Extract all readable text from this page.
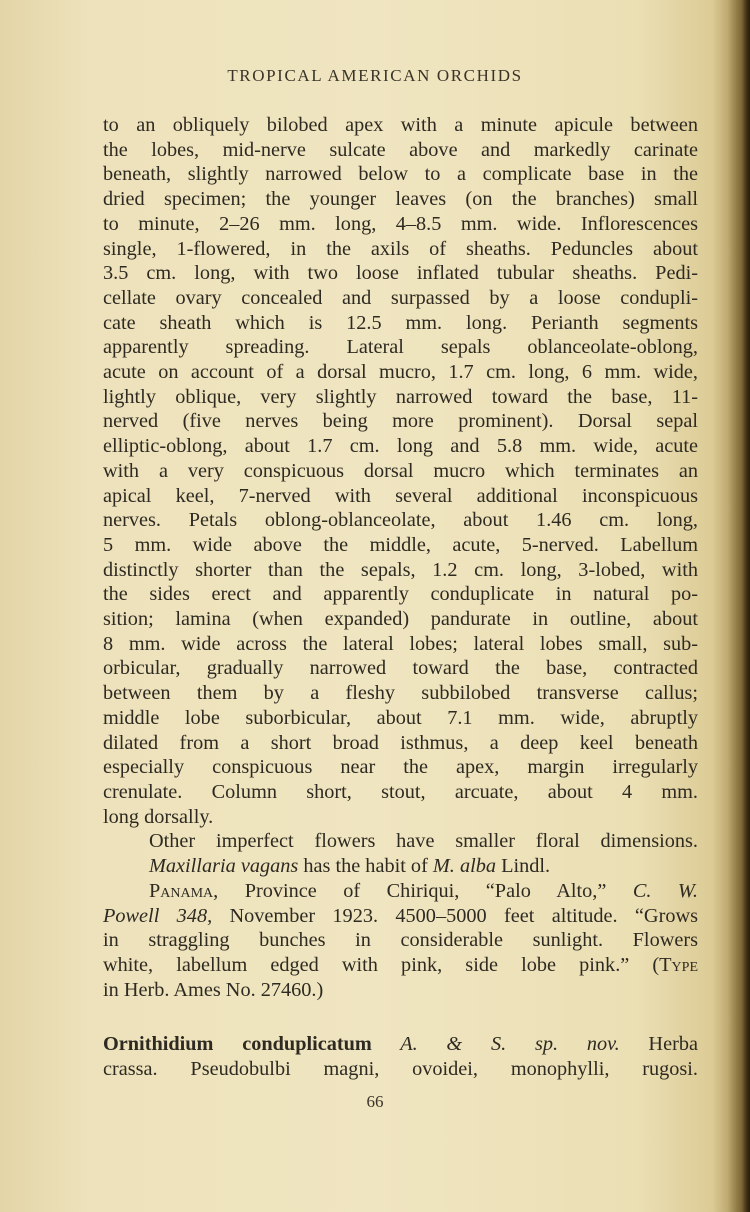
TROPICAL AMERICAN ORCHIDS
to an obliquely bilobed apex with a minute apicule between
the lobes, mid-nerve sulcate above and markedly carinate
beneath, slightly narrowed below to a complicate base in the
dried specimen; the younger leaves (on the branches) small
to minute, 2–26 mm. long, 4–8.5 mm. wide. Inflorescences
single, 1-flowered, in the axils of sheaths. Peduncles about
3.5 cm. long, with two loose inflated tubular sheaths. Pedi-
cellate ovary concealed and surpassed by a loose condupli-
cate sheath which is 12.5 mm. long. Perianth segments
apparently spreading. Lateral sepals oblanceolate-oblong,
acute on account of a dorsal mucro, 1.7 cm. long, 6 mm. wide,
lightly oblique, very slightly narrowed toward the base, 11-
nerved (five nerves being more prominent). Dorsal sepal
elliptic-oblong, about 1.7 cm. long and 5.8 mm. wide, acute
with a very conspicuous dorsal mucro which terminates an
apical keel, 7-nerved with several additional inconspicuous
nerves. Petals oblong-oblanceolate, about 1.46 cm. long,
5 mm. wide above the middle, acute, 5-nerved. Labellum
distinctly shorter than the sepals, 1.2 cm. long, 3-lobed, with
the sides erect and apparently conduplicate in natural po-
sition; lamina (when expanded) pandurate in outline, about
8 mm. wide across the lateral lobes; lateral lobes small, sub-
orbicular, gradually narrowed toward the base, contracted
between them by a fleshy subbilobed transverse callus;
middle lobe suborbicular, about 7.1 mm. wide, abruptly
dilated from a short broad isthmus, a deep keel beneath
especially conspicuous near the apex, margin irregularly
crenulate. Column short, stout, arcuate, about 4 mm.
long dorsally.
Other imperfect flowers have smaller floral dimensions.
Maxillaria vagans has the habit of M. alba Lindl.
Panama, Province of Chiriqui, “Palo Alto,” C. W.
Powell 348, November 1923. 4500–5000 feet altitude. “Grows
in straggling bunches in considerable sunlight. Flowers
white, labellum edged with pink, side lobe pink.” (Type
in Herb. Ames No. 27460.)
Ornithidium conduplicatum A. & S. sp. nov. Herba
crassa. Pseudobulbi magni, ovoidei, monophylli, rugosi.
66
